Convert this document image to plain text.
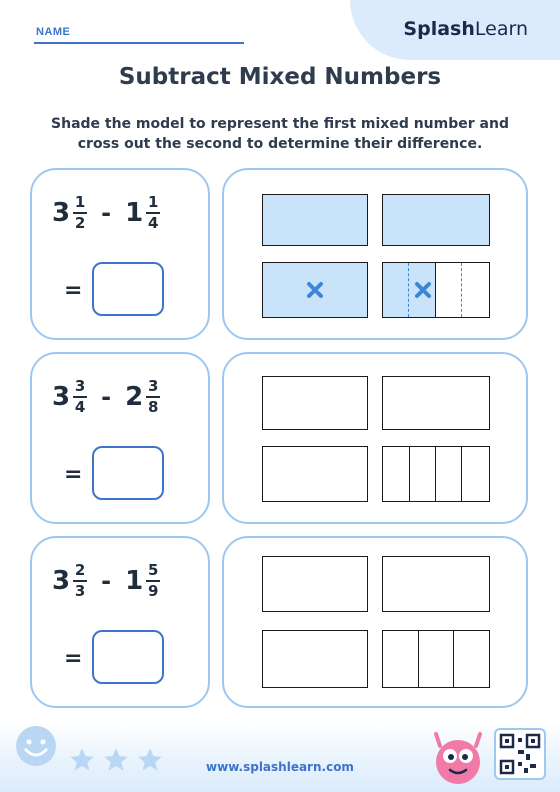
NAME	SplashLearn
Subtract Mixed Numbers
Shade the model to represent the first mixed number and
cross out the second to determine their difference.
$3 \frac{1}{2} - 1 \frac{1}{4}$
=
$3 \frac{3}{4} - 2 \frac{3}{8}$
=
$3 \frac{2}{3} - 1 \frac{5}{9}$
=
www.splashlearn.com
